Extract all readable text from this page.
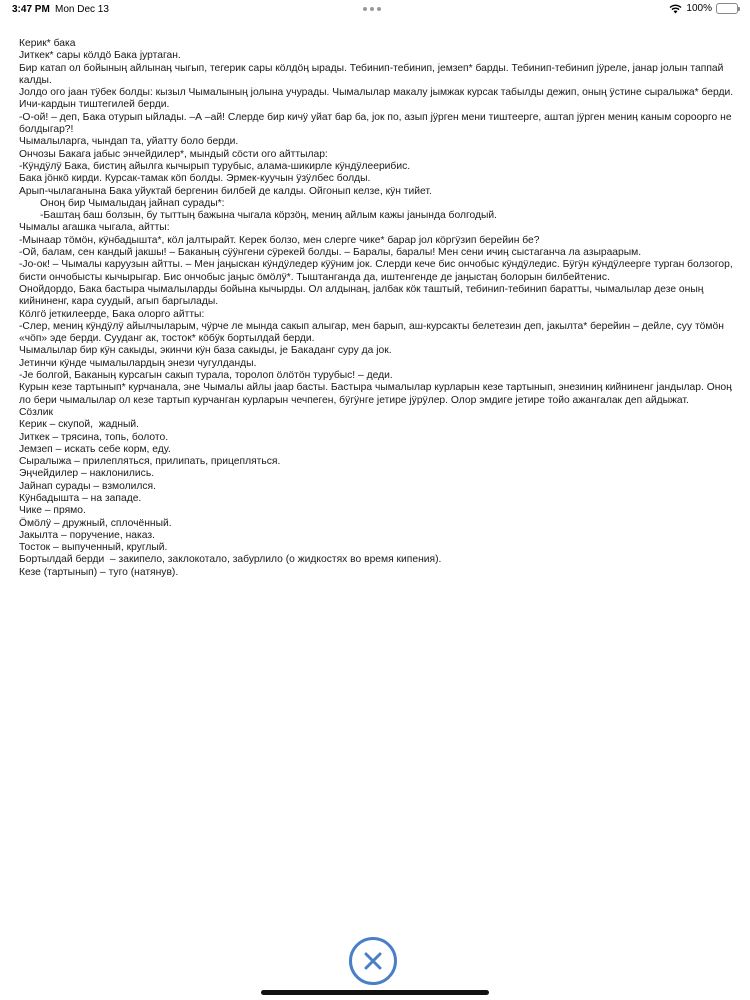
3:47 PM Mon Dec 13	100%

Керик* бака

Jиткек* сары кӧлдӧ Бака jуртаган.

Бир катап ол бойының айлынаӊ чыгып, тегерик сары кӧлдӧӊ ырады. Тебинип-тебинип, jемзеп* барды. Тебинип-тебинип jӱреле, јанар јолын таппай калды.

Jолдо ого jаан тӱбек болды: кызыл Чымалының jолына учурады. Чымалылар макалу jымжак курсак табылды дежип, оның ӱстине сыралыжа* берди. Ичи-кардын тиштегилей берди.

-О-ой! – деп, Бака отурып ыйлады. –А –ай! Слерде бир кичӱ уйат бар ба, jок по, азып jӱрген мени тиштеерге, аштап jӱрген мениӊ каным сороорго не болдыгар?!

Чымалыларга, чындап та, уйатту боло берди.

Ончозы Бакага jабыс энчейдилер*, мындый сӧсти ого айттылар:

-Кӱндӱлӱ Бака, бистиӊ айылга кычырып турубыс, алама-шикирле кӱндӱлеерибис.

Бака jӧнкӧ кирди. Курсак-тамак кӧп болды. Эрмек-куучын ӱзӱлбес болды.

Арып-чылаганына Бака уйуктай бергенин билбей де калды. Ойгонып келзе, кӱн тийет.

Оноӊ бир Чымалыдаӊ jайнап сурады*:

-Баштаӊ баш болзын, бу тыттыӊ бажына чыгала кӧрзӧӊ, мениӊ айлым кажы jанында болгодый.

Чымалы агашка чыгала, айтты:

-Мынаар тӧмӧн, кӱнбадышта*, кӧл jалтырайт. Керек болзо, мен слерге чике* барар jол кӧргӱзип берейин бе?

-Ой, балам, сен кандый jакшы! – Баканыӊ сӱӱнгени сӱрекей болды. – Баралы, баралы! Мен сени ичиӊ сыстаганча ла азыраарым.

-Jо-ок! – Чымалы каруузын айтты. – Мен jаӊыскан кӱндӱледер кӱӱним jок. Слерди кече бис ончобыс кӱндӱледис. Бӱгӱн кӱндӱлеерге турган болзогор, бисти ончобысты кычырыгар. Бис ончобыс jаӊыс ӧмӧлӱ*. Тыштанганда да, иштенгенде де jаӊыстаӊ болорын билбейтенис.

Онойдордо, Бака бастыра чымалыларды бойына кычырды. Ол алдынаӊ, jалбак кӧк таштый, тебинип-тебинип баратты, чымалылар дезе оның кийниненг, кара суудый, агып баргылады.

Кӧлгӧ jеткилеерде, Бака олорго айтты:

-Слер, мениӊ кӱндӱлӱ айылчыларым, чӱрче ле мында сакып алыгар, мен барып, аш-курсакты белетезин деп, jакылта* берейин – дейле, суу тӧмӧн «чӧп» эде берди. Сууданг ак, тосток* кӧбӱк бортылдай берди.

Чымалылар бир кӱн сакыды, экинчи кӱн база сакыды, jе Бакаданг суру да jок.

Jетинчи кӱнде чымалылардыӊ энези чугулданды.

-Jе болгой, Баканыӊ курсагын сакып турала, торолоп ӧлӧтӧн турубыс! – деди.

Курын кезе тартынып* курчанала, эне Чымалы айлы jаар басты. Бастыра чымалылар курларын кезе тартынып, энезиниӊ кийниненг jандылар. Оноӊ ло бери чымалылар ол кезе тартып курчанган курларын чечпеген, бӱгӱнге jетире jӱрӱлер. Олор эмдиге jетире тойо ажангалак деп айдыжат.

Сӧзлик

Керик – скупой,  жадный.

Jиткек – трясина, топь, болото.

Jемзеп – искать себе корм, еду.

Сыралыжа – прилепляться, прилипать, прицепляться.

Эӊчейдилер – наклонились.

Jайнап сурады – взмолился.

Кӱнбадышта – на западе.

Чике – прямо.

Ӧмӧлӱ – дружный, сплочённый.

Jакылта – поручение, наказ.

Тосток – выпученный, круглый.

Бортылдай берди  – закипело, заклокотало, забурлило (о жидкостях во время кипения).

Кезе (тартынып) – туго (натянув).
